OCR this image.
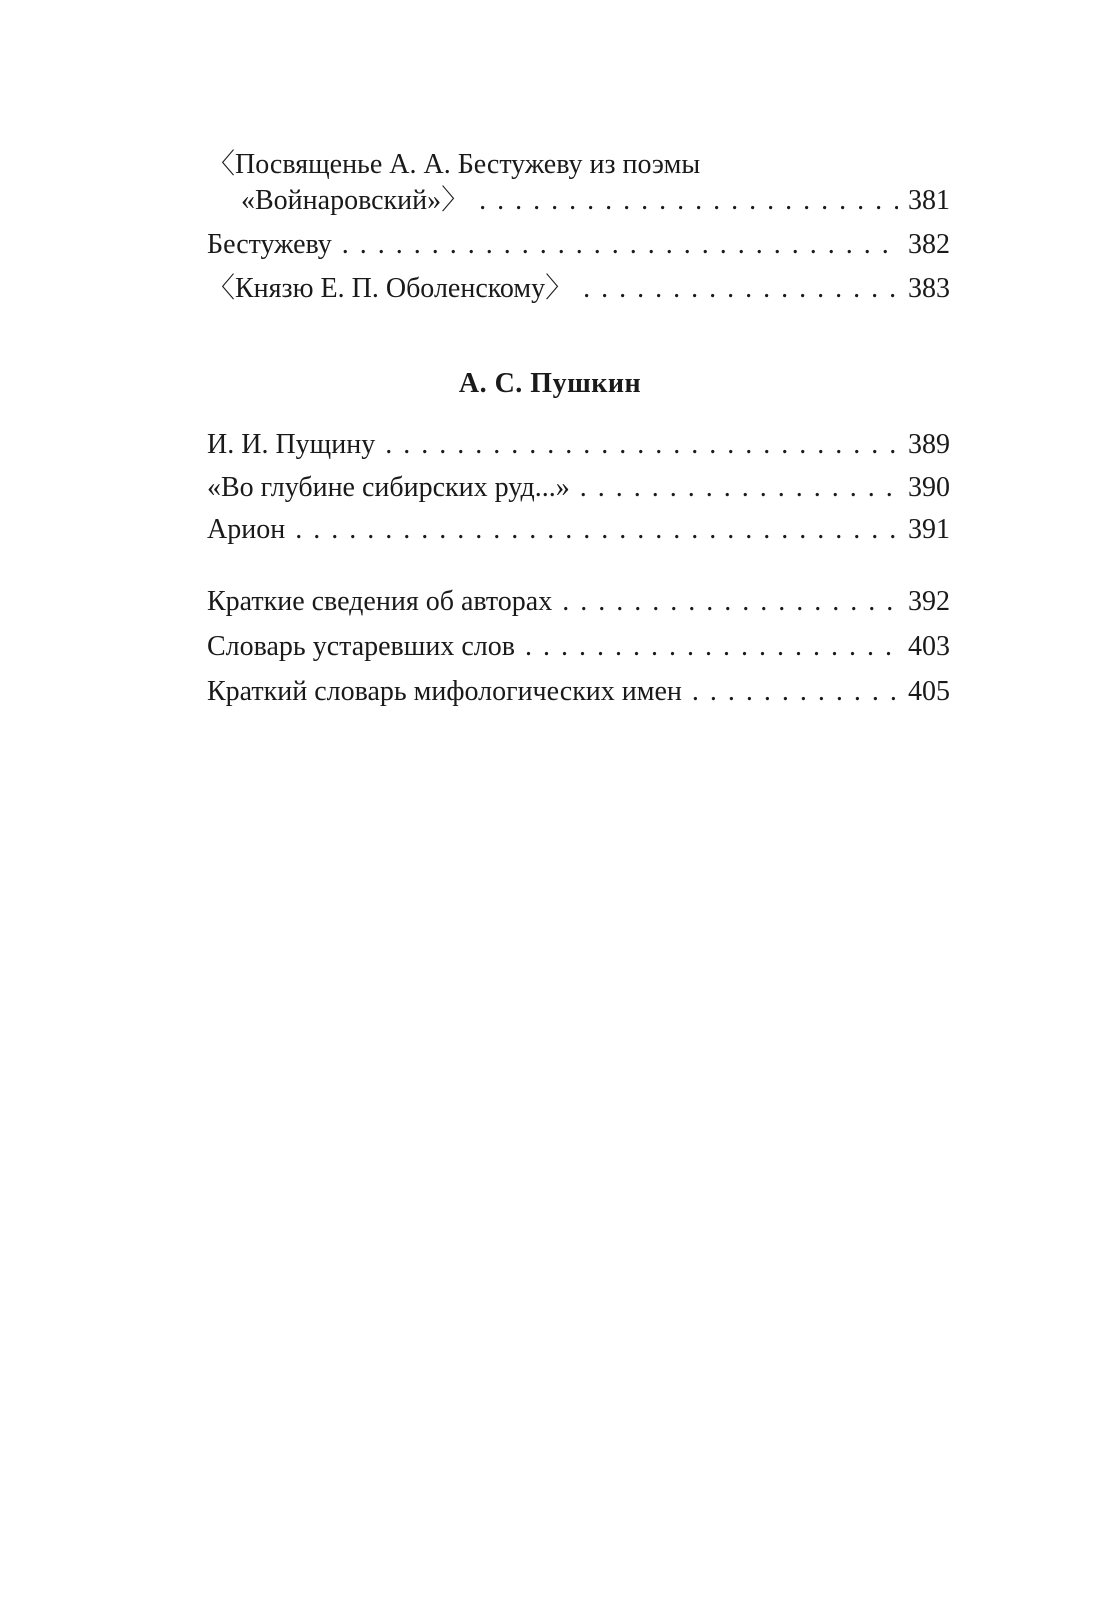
〈Посвященье А. А. Бестужеву из поэмы
«Войнаровский»〉 . . .	381
Бестужеву . . .	382
〈Князю Е. П. Оболенскому〉 . . .	383
А. С. Пушкин
И. И. Пущину . . .	389
«Во глубине сибирских руд...» . . .	390
Арион . . .	391
Краткие сведения об авторах . . .	392
Словарь устаревших слов . . .	403
Краткий словарь мифологических имен . . .	405
